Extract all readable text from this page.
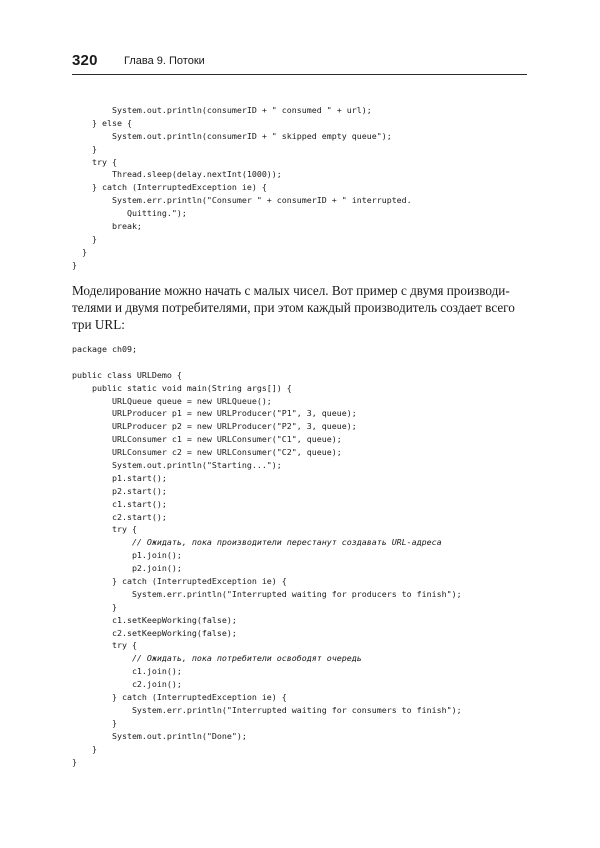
320 Глава 9. Потоки
System.out.println(consumerID + " consumed " + url);
} else {
System.out.println(consumerID + " skipped empty queue");
}
try {
Thread.sleep(delay.nextInt(1000));
} catch (InterruptedException ie) {
System.err.println("Consumer " + consumerID + " interrupted.
Quitting.");
break;
}
}
}
Моделирование можно начать с малых чисел. Вот пример с двумя производи-
телями и двумя потребителями, при этом каждый производитель создает всего
три URL:
package ch09;
public class URLDemo {
public static void main(String args[]) {
URLQueue queue = new URLQueue();
URLProducer p1 = new URLProducer("P1", 3, queue);
URLProducer p2 = new URLProducer("P2", 3, queue);
URLConsumer c1 = new URLConsumer("C1", queue);
URLConsumer c2 = new URLConsumer("C2", queue);
System.out.println("Starting...");
p1.start();
p2.start();
c1.start();
c2.start();
try {
// Ожидать, пока производители перестанут создавать URL-адреса
p1.join();
p2.join();
} catch (InterruptedException ie) {
System.err.println("Interrupted waiting for producers to finish");
}
c1.setKeepWorking(false);
c2.setKeepWorking(false);
try {
// Ожидать, пока потребители освободят очередь
c1.join();
c2.join();
} catch (InterruptedException ie) {
System.err.println("Interrupted waiting for consumers to finish");
}
System.out.println("Done");
}
}
